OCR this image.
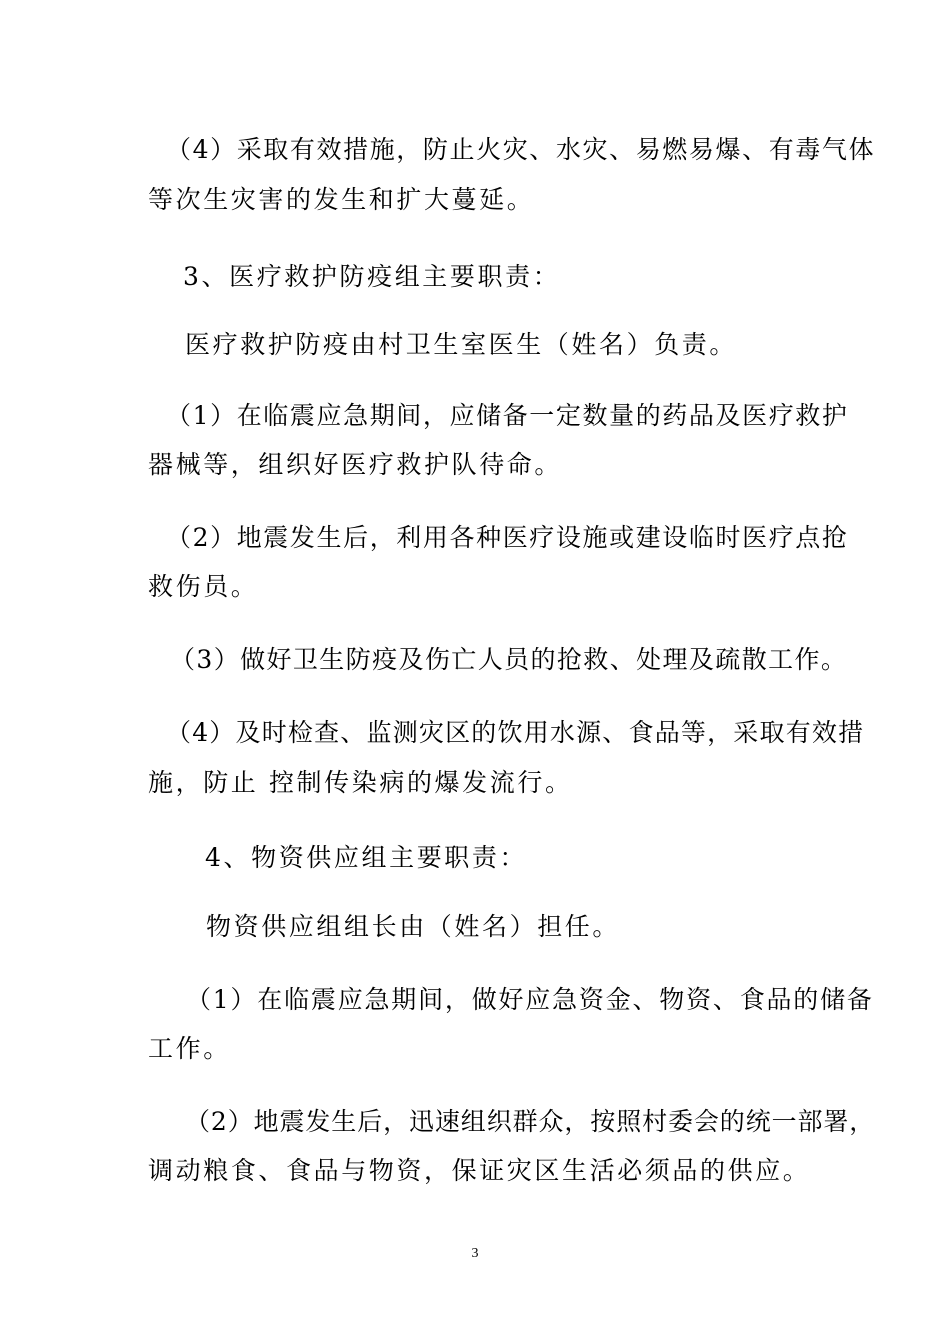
（4）采取有效措施，防止火灾、水灾、易燃易爆、有毒气体
等次生灾害的发生和扩大蔓延。
3、医疗救护防疫组主要职责：
医疗救护防疫由村卫生室医生（姓名）负责。
（1）在临震应急期间，应储备一定数量的药品及医疗救护
器械等，组织好医疗救护队待命。
（2）地震发生后，利用各种医疗设施或建设临时医疗点抢
救伤员。
（3）做好卫生防疫及伤亡人员的抢救、处理及疏散工作。
（4）及时检查、监测灾区的饮用水源、食品等，采取有效措
施，防止 控制传染病的爆发流行。
4、物资供应组主要职责：
物资供应组组长由（姓名）担任。
（1）在临震应急期间，做好应急资金、物资、食品的储备
工作。
（2）地震发生后，迅速组织群众，按照村委会的统一部署，
调动粮食、食品与物资，保证灾区生活必须品的供应。
3
